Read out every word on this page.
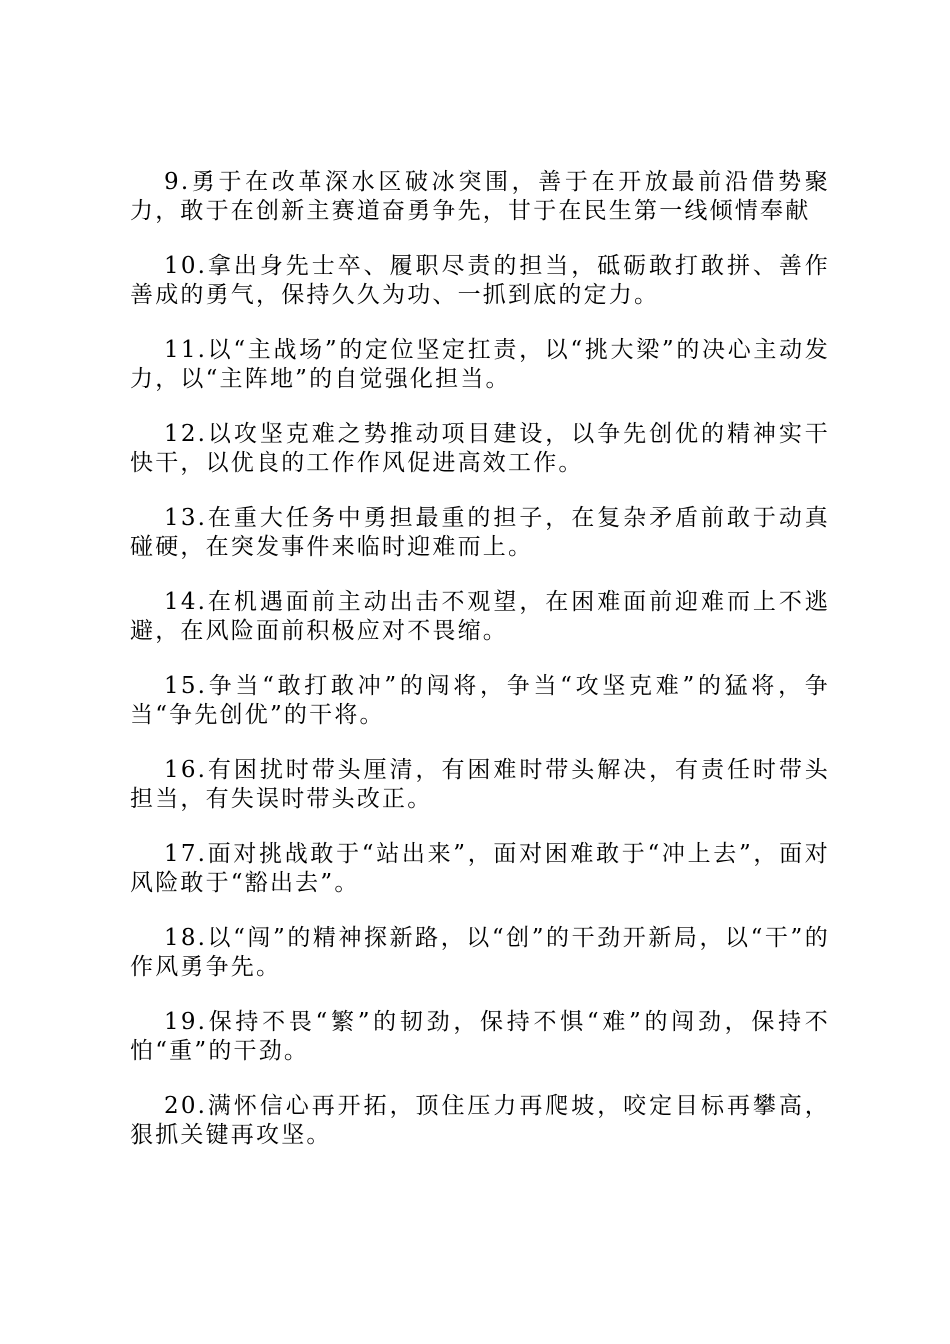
9.勇于在改革深水区破冰突围，善于在开放最前沿借势聚力，敢于在创新主赛道奋勇争先，甘于在民生第一线倾情奉献

10.拿出身先士卒、履职尽责的担当，砥砺敢打敢拼、善作善成的勇气，保持久久为功、一抓到底的定力。

11.以“主战场”的定位坚定扛责，以“挑大梁”的决心主动发力，以“主阵地”的自觉强化担当。

12.以攻坚克难之势推动项目建设，以争先创优的精神实干快干，以优良的工作作风促进高效工作。

13.在重大任务中勇担最重的担子，在复杂矛盾前敢于动真碰硬，在突发事件来临时迎难而上。

14.在机遇面前主动出击不观望，在困难面前迎难而上不逃避，在风险面前积极应对不畏缩。

15.争当“敢打敢冲”的闯将，争当“攻坚克难”的猛将，争当“争先创优”的干将。

16.有困扰时带头厘清，有困难时带头解决，有责任时带头担当，有失误时带头改正。

17.面对挑战敢于“站出来”，面对困难敢于“冲上去”，面对风险敢于“豁出去”。

18.以“闯”的精神探新路，以“创”的干劲开新局，以“干”的作风勇争先。

19.保持不畏“繁”的韧劲，保持不惧“难”的闯劲，保持不怕“重”的干劲。

20.满怀信心再开拓，顶住压力再爬坡，咬定目标再攀高，狠抓关键再攻坚。
